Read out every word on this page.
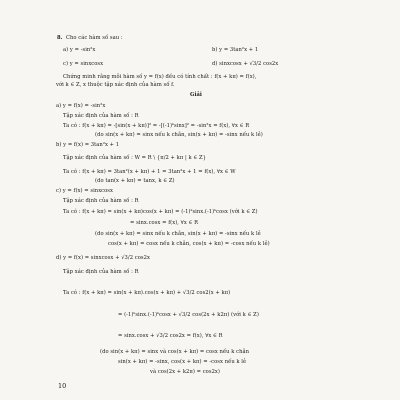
8. Cho các hàm số sau :
a) y = -sin²x	b) y = 3tan²x + 1
c) y = sinxcosx	d) sinxcosx + √3/2 cos2x
Chứng minh rằng mỗi hàm số y = f(x) đều có tính chất : f(x + kπ) = f(x),
với k ∈ Z, x thuộc tập xác định của hàm số f.
Giải
a) y = f(x) = -sin²x
Tập xác định của hàm số : R
Ta có : f(x + kπ) = -[sin(x + kπ)]² = -[(-1)ᵏsinx]² = -sin²x = f(x), ∀x ∈ R
(do sin(x + kπ) = sinx nếu k chẵn, sin(x + kπ) = -sinx nếu k lẻ)
b) y = f(x) = 3tan²x + 1
Tập xác định của hàm số : W = R \ {π/2 + kπ | k ∈ Z}
Ta có : f(x + kπ) = 3tan²(x + kπ) + 1 = 3tan²x + 1 = f(x), ∀x ∈ W
(do tan(x + kπ) = tanx, k ∈ Z)
c) y = f(x) = sinxcosx
Tập xác định của hàm số : R
Ta có : f(x + kπ) = sin(x + kπ)cos(x + kπ) = (-1)ᵏsinx.(-1)ᵏcosx (với k ∈ Z)
= sinx.cosx = f(x), ∀x ∈ R
(do sin(x + kπ) = sinx nếu k chẵn, sin(x + kπ) = -sinx nếu k lẻ
cos(x + kπ) = cosx nếu k chẵn, cos(x + kπ) = -cosx nếu k lẻ)
d) y = f(x) = sinxcosx + √3/2 cos2x
Tập xác định của hàm số : R
Ta có : f(x + kπ) = sin(x + kπ).cos(x + kπ) + √3/2 cos2(x + kπ)
= (-1)ᵏsinx.(-1)ᵏcosx + √3/2 cos(2x + k2π) (với k ∈ Z)
= sinx.cosx + √3/2 cos2x = f(x), ∀x ∈ R
(do sin(x + kπ) = sinx và cos(x + kπ) = cosx nếu k chẵn
sin(x + kπ) = -sinx, cos(x + kπ) = -cosx nếu k lẻ
và cos(2x + k2π) = cos2x)
10
